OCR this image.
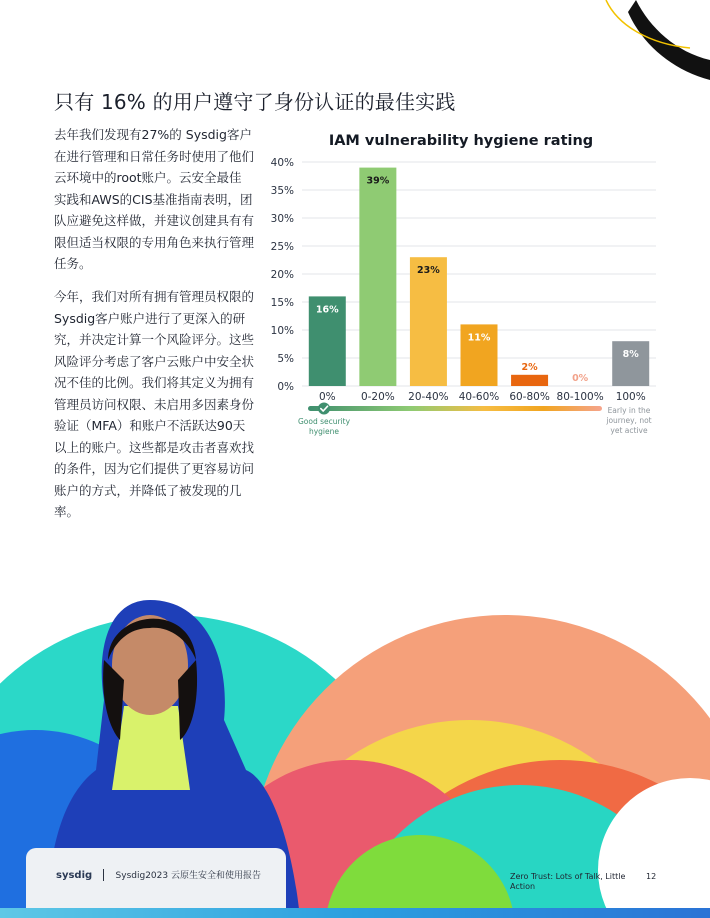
只有 16% 的用户遵守了身份认证的最佳实践
去年我们发现有27%的 Sysdig客户在进行管理和日常任务时使用了他们云环境中的root账户。云安全最佳实践和AWS的CIS基准指南表明，团队应避免这样做，并建议创建具有有限但适当权限的专用角色来执行管理任务。
今年，我们对所有拥有管理员权限的 Sysdig客户账户进行了更深入的研究，并决定计算一个风险评分。这些风险评分考虑了客户云账户中安全状况不佳的比例。我们将其定义为拥有管理员访问权限、未启用多因素身份验证（MFA）和账户不活跃达90天以上的账户。这些都是攻击者喜欢找的条件，因为它们提供了更容易访问账户的方式，并降低了被发现的几率。
IAM vulnerability hygiene rating
0%
5%
10%
15%
20%
25%
30%
35%
40%
16%
39%
23%
11%
2%
0%
8%
0% 0-20% 20-40% 40-60% 60-80% 80-100% 100%
Good security hygiene
Early in the journey, not yet active
sysdig	Sysdig2023 云原生安全和使用报告	Zero Trust: Lots of Talk, Little Action
12
